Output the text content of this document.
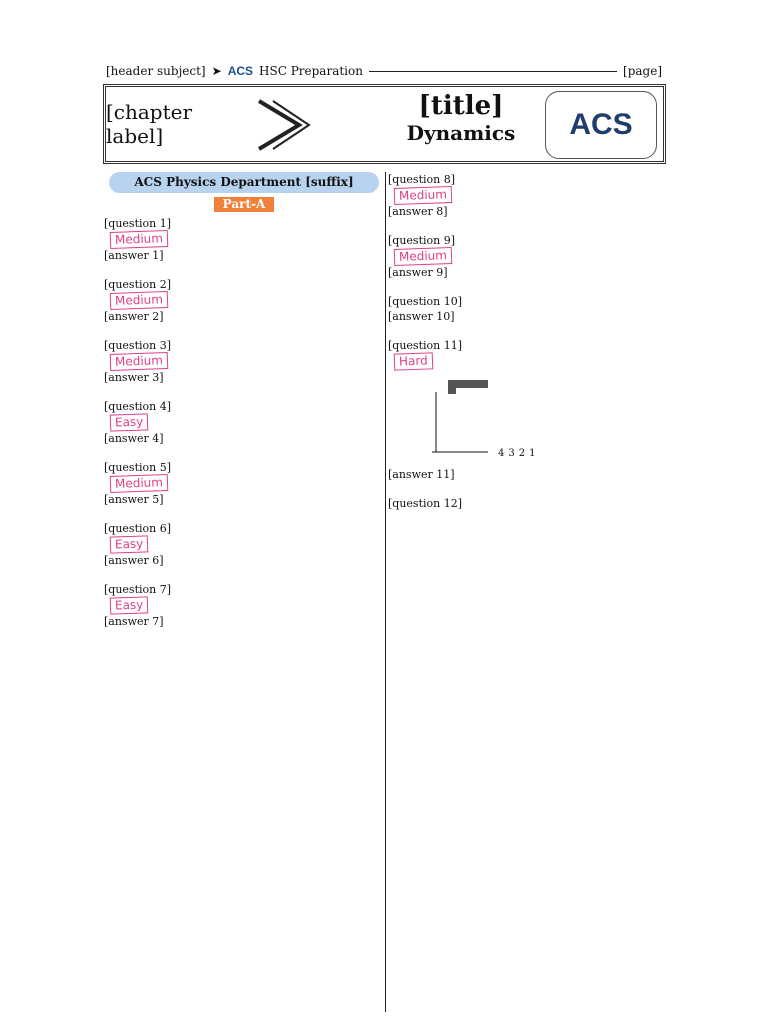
[header subject] ➤ ACS HSC Preparation	[page]
[chapter label]
[title]
Dynamics	ACS
ACS Physics Department [suffix]
Part-A
[question 1]
Medium
[answer 1]
[question 2]
Medium
[answer 2]
[question 3]
Medium
[answer 3]
[question 4]
Easy
[answer 4]
[question 5]
Medium
[answer 5]
[question 6]
Easy
[answer 6]
[question 7]
Easy
[answer 7]
[question 8]
Medium
[answer 8]
[question 9]
Medium
[answer 9]
[question 10]
[answer 10]
[question 11]
Hard
4 3 2 1
[answer 11]
[question 12]
